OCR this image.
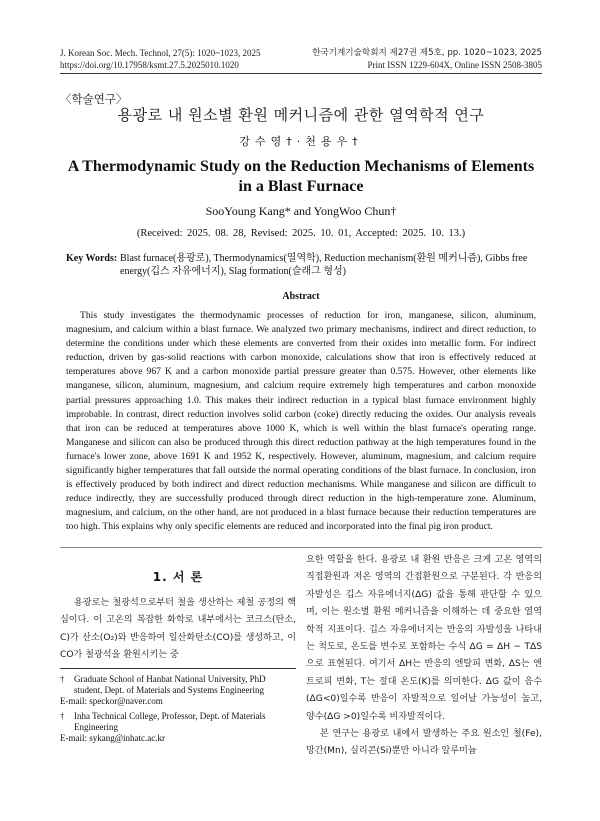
J. Korean Soc. Mech. Technol, 27(5): 1020~1023, 2025
https://doi.org/10.17958/ksmt.27.5.2025010.1020
한국기계기술학회지 제27권 제5호, pp. 1020~1023, 2025
Print ISSN 1229-604X, Online ISSN 2508-3805
〈학술연구〉
용광로 내 원소별 환원 메커니즘에 관한 열역학적 연구
강수영†·천용우†
A Thermodynamic Study on the Reduction Mechanisms of Elements in a Blast Furnace
SooYoung Kang* and YongWoo Chun†
(Received: 2025. 08. 28, Revised: 2025. 10. 01, Accepted: 2025. 10. 13.)
Key Words: Blast furnace(용광로), Thermodynamics(열역학), Reduction mechanism(환원 메커니즘), Gibbs free energy(깁스 자유에너지), Slag formation(슬래그 형성)
Abstract
This study investigates the thermodynamic processes of reduction for iron, manganese, silicon, aluminum, magnesium, and calcium within a blast furnace. We analyzed two primary mechanisms, indirect and direct reduction, to determine the conditions under which these elements are converted from their oxides into metallic form. For indirect reduction, driven by gas-solid reactions with carbon monoxide, calculations show that iron is effectively reduced at temperatures above 967 K and a carbon monoxide partial pressure greater than 0.575. However, other elements like manganese, silicon, aluminum, magnesium, and calcium require extremely high temperatures and carbon monoxide partial pressures approaching 1.0. This makes their indirect reduction in a typical blast furnace environment highly improbable. In contrast, direct reduction involves solid carbon (coke) directly reducing the oxides. Our analysis reveals that iron can be reduced at temperatures above 1000 K, which is well within the blast furnace's operating range. Manganese and silicon can also be produced through this direct reduction pathway at the high temperatures found in the furnace's lower zone, above 1691 K and 1952 K, respectively. However, aluminum, magnesium, and calcium require significantly higher temperatures that fall outside the normal operating conditions of the blast furnace. In conclusion, iron is effectively produced by both indirect and direct reduction mechanisms. While manganese and silicon are difficult to reduce indirectly, they are successfully produced through direct reduction in the high-temperature zone. Aluminum, magnesium, and calcium, on the other hand, are not produced in a blast furnace because their reduction temperatures are too high. This explains why only specific elements are reduced and incorporated into the final pig iron product.
1. 서 론

용광로는 철광석으로부터 철을 생산하는 제철 공정의 핵심이다. 이 고온의 복잡한 화학로 내부에서는 코크스(탄소, C)가 산소(O₂)와 반응하여 일산화탄소(CO)를 생성하고, 이 CO가 철광석을 환원시키는 중

요한 역할을 한다. 용광로 내 환원 반응은 크게 고온 영역의 직접환원과 저온 영역의 간접환원으로 구분된다. 각 반응의 자발성은 깁스 자유에너지(ΔG) 값을 통해 판단할 수 있으며, 이는 원소별 환원 메커니즘을 이해하는 데 중요한 열역학적 지표이다. 깁스 자유에너지는 반응의 자발성을 나타내는 척도로, 온도를 변수로 포함하는 수식 ΔG = ΔH − TΔS으로 표현된다. 여기서 ΔH는 반응의 엔탈피 변화, ΔS는 엔트로피 변화, T는 절대 온도(K)를 의미한다. ΔG 값이 음수(ΔG<0)일수록 반응이 자발적으로 일어날 가능성이 높고, 양수(ΔG >0)일수록 비자발적이다.

본 연구는 용광로 내에서 발생하는 주요 원소인 철(Fe), 망간(Mn), 실리콘(Si)뿐만 아니라 알루미늄

†	Graduate School of Hanbat National University, PhD student, Dept. of Materials and Systems Engineering
E-mail: speckor@naver.com
†	Inha Technical College, Professor, Dept. of Materials Engineering
E-mail: sykang@inhatc.ac.kr
